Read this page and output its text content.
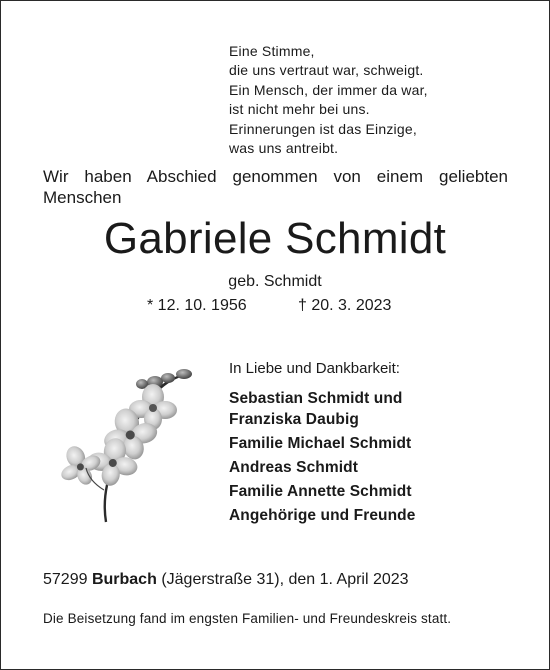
Eine Stimme,
die uns vertraut war, schweigt.
Ein Mensch, der immer da war,
ist nicht mehr bei uns.
Erinnerungen ist das Einzige,
was uns antreibt.
Wir haben Abschied genommen von einem geliebten Menschen
Gabriele Schmidt
geb. Schmidt
* 12. 10. 1956	† 20. 3. 2023
In Liebe und Dankbarkeit:
Sebastian Schmidt und
Franziska Daubig
Familie Michael Schmidt
Andreas Schmidt
Familie Annette Schmidt
Angehörige und Freunde
57299 Burbach (Jägerstraße 31), den 1. April 2023
Die Beisetzung fand im engsten Familien- und Freundeskreis statt.
